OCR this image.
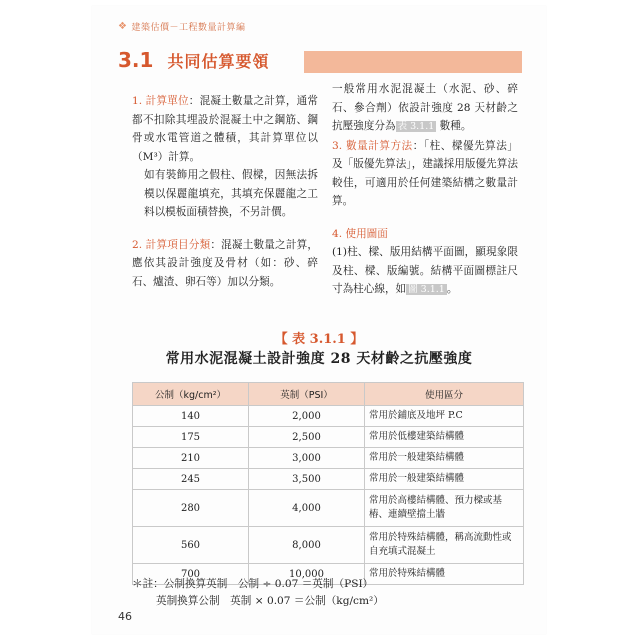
❖ 建築估價－工程數量計算編
3.1 共同估算要領

1. 計算單位：混凝土數量之計算，通常都不扣除其埋設於混凝土中之鋼筋、鋼骨或水電管道之體積，其計算單位以（M³）計算。

如有裝飾用之假柱、假樑，因無法拆模以保麗龍填充，其填充保麗龍之工料以模板面積替換，不另計價。

2. 計算項目分類：混凝土數量之計算，應依其設計強度及骨材（如：砂、碎石、爐渣、卵石等）加以分類。

一般常用水泥混凝土（水泥、砂、碎石、參合劑）依設計強度 28 天材齡之抗壓強度分為 表 3.1.1 數種。

3. 數量計算方法：「柱、樑優先算法」及「版優先算法」，建議採用版優先算法較佳，可適用於任何建築結構之數量計算。

4. 使用圖面

(1)柱、樑、版用結構平面圖，顯現象限及柱、樑、版編號。結構平面圖標註尺寸為柱心線，如 圖 3.1.1 。

【 表 3.1.1 】
常用水泥混凝土設計強度 28 天材齡之抗壓強度
公制（kg/cm²）	英制（PSI）	使用區分
140	2,000	常用於鋪底及地坪 P.C
175	2,500	常用於低樓建築結構體
210	3,000	常用於一般建築結構體
245	3,500	常用於一般建築結構體
280	4,000	常用於高樓結構體、預力樑或基樁、連續壁擋土牆
560	8,000	常用於特殊結構體，稱高流動性或自充填式混凝土
700	10,000	常用於特殊結構體
＊註：公制換算英制　公制 ÷ 0.07 ＝英制（PSI）
英制換算公制　英制 × 0.07 ＝公制（kg/cm²）
46
